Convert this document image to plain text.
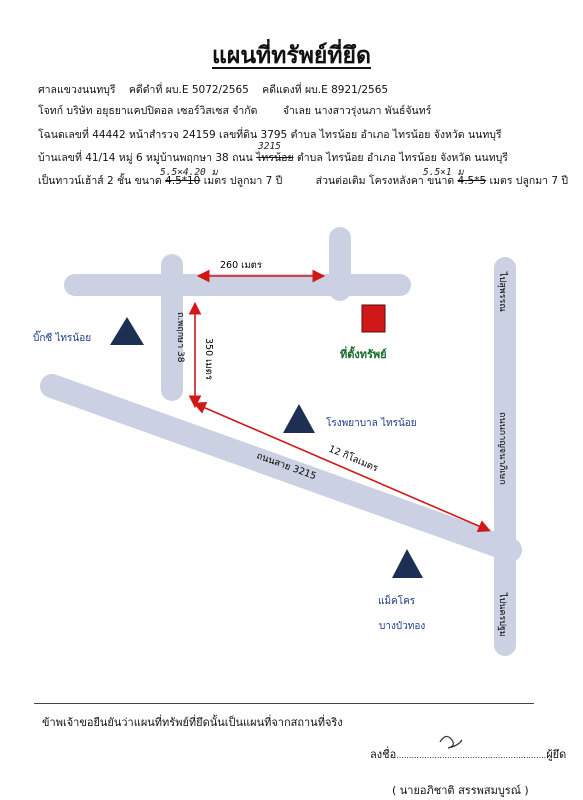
แผนที่ทรัพย์ที่ยึด
ศาลแขวงนนทบุรี คดีดำที่ ผบ.E 5072/2565 คดีแดงที่ ผบ.E 8921/2565
โจทก์ บริษัท อยุธยาแคปปิตอล เซอร์วิสเซส จำกัด จำเลย นางสาวรุ่งนภา พันธ์จันทร์
โฉนดเลขที่ 44442 หน้าสำรวจ 24159 เลขที่ดิน 3795 ตำบล ไทรน้อย อำเภอ ไทรน้อย จังหวัด นนทบุรี
บ้านเลขที่ 41/14 หมู่ 6 หมู่บ้านพฤกษา 38 ถนน ไทรน้อย ตำบล ไทรน้อย อำเภอ ไทรน้อย จังหวัด นนทบุรี
เป็นทาวน์เฮ้าส์ 2 ชั้น ขนาด 4.5*10 เมตร ปลูกมา 7 ปี	ส่วนต่อเติม โครงหลังคา ขนาด 4.5*5 เมตร ปลูกมา 7 ปี
3215
5.5×4.20 ม	5.5×1 ม
260 เมตร
350 เมตร
12 กิโลเมตร
ถ.พฤกษา 38
ถนนสาย 3215
ไปสุพรรณ
ถนนกาญจนาภิเษก
ไปนครปฐม
ที่ตั้งทรัพย์
บิ๊กซี ไทรน้อย
โรงพยาบาล ไทรน้อย
แม็คโคร
บางบัวทอง
ข้าพเจ้าขอยืนยันว่าแผนที่ทรัพย์ที่ยึดนั้นเป็นแผนที่จากสถานที่จริง
ลงชื่อ...........................................................ผู้ยึด
( นายอภิชาติ สรรพสมบูรณ์ )
